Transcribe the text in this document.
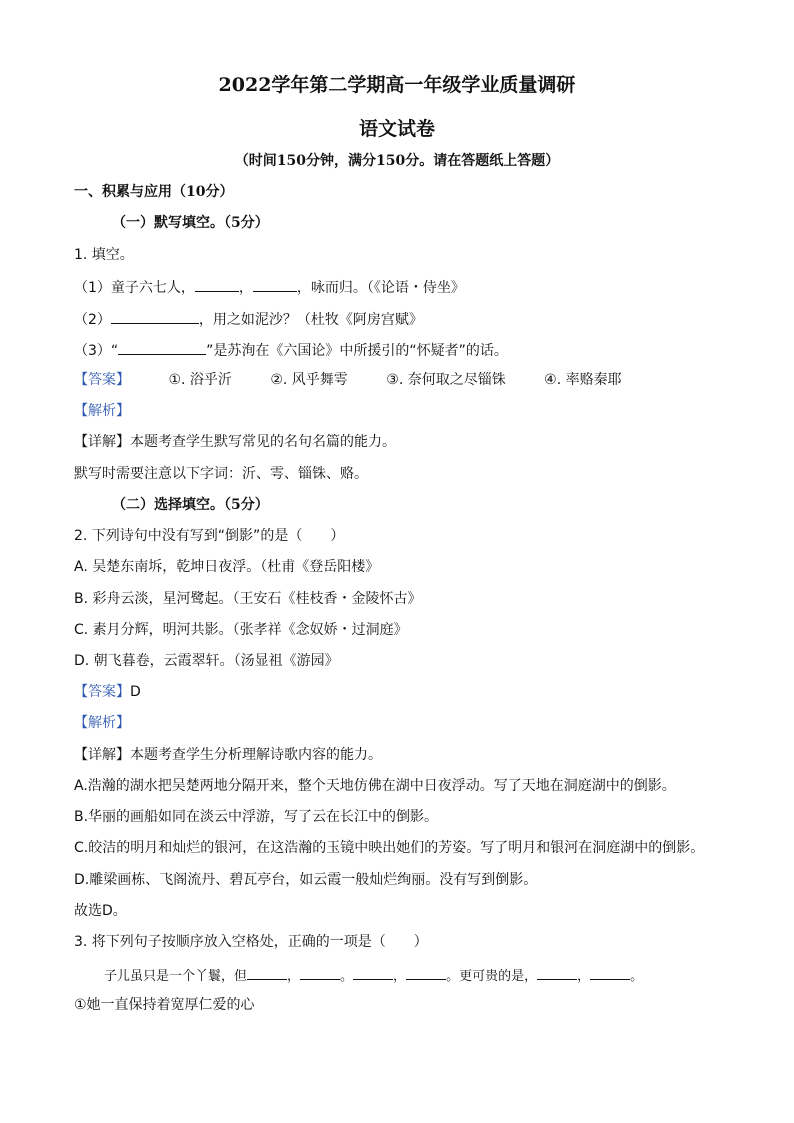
2022学年第二学期高一年级学业质量调研
语文试卷
（时间150分钟，满分150分。请在答题纸上答题）
一、积累与应用（10分）
（一）默写填空。（5分）
1. 填空。
（1）童子六七人，	，	，咏而归。（《论语・侍坐》
（2）	，用之如泥沙？（杜牧《阿房宫赋》
（3）“	”是苏洵在《六国论》中所援引的“怀疑者”的话。
【答案】	①. 浴乎沂	②. 风乎舞雩	③. 奈何取之尽锱铢	④. 率赂秦耶
【解析】
【详解】本题考查学生默写常见的名句名篇的能力。
默写时需要注意以下字词：沂、雩、锱铢、赂。
（二）选择填空。（5分）
2. 下列诗句中没有写到“倒影”的是（　　）
A. 吴楚东南坼，乾坤日夜浮。（杜甫《登岳阳楼》
B. 彩舟云淡，星河鹭起。（王安石《桂枝香・金陵怀古》
C. 素月分辉，明河共影。（张孝祥《念奴娇・过洞庭》
D. 朝飞暮卷，云霞翠轩。（汤显祖《游园》
【答案】D
【解析】
【详解】本题考查学生分析理解诗歌内容的能力。
A.浩瀚的湖水把吴楚两地分隔开来，整个天地仿佛在湖中日夜浮动。写了天地在洞庭湖中的倒影。
B.华丽的画船如同在淡云中浮游，写了云在长江中的倒影。
C.皎洁的明月和灿烂的银河，在这浩瀚的玉镜中映出她们的芳姿。写了明月和银河在洞庭湖中的倒影。
D.雕梁画栋、飞阁流丹、碧瓦亭台，如云霞一般灿烂绚丽。没有写到倒影。
故选D。
3. 将下列句子按顺序放入空格处，正确的一项是（　　）
子儿虽只是一个丫鬟，但	，	。	，	。更可贵的是，	，	。
①她一直保持着宽厚仁爱的心
